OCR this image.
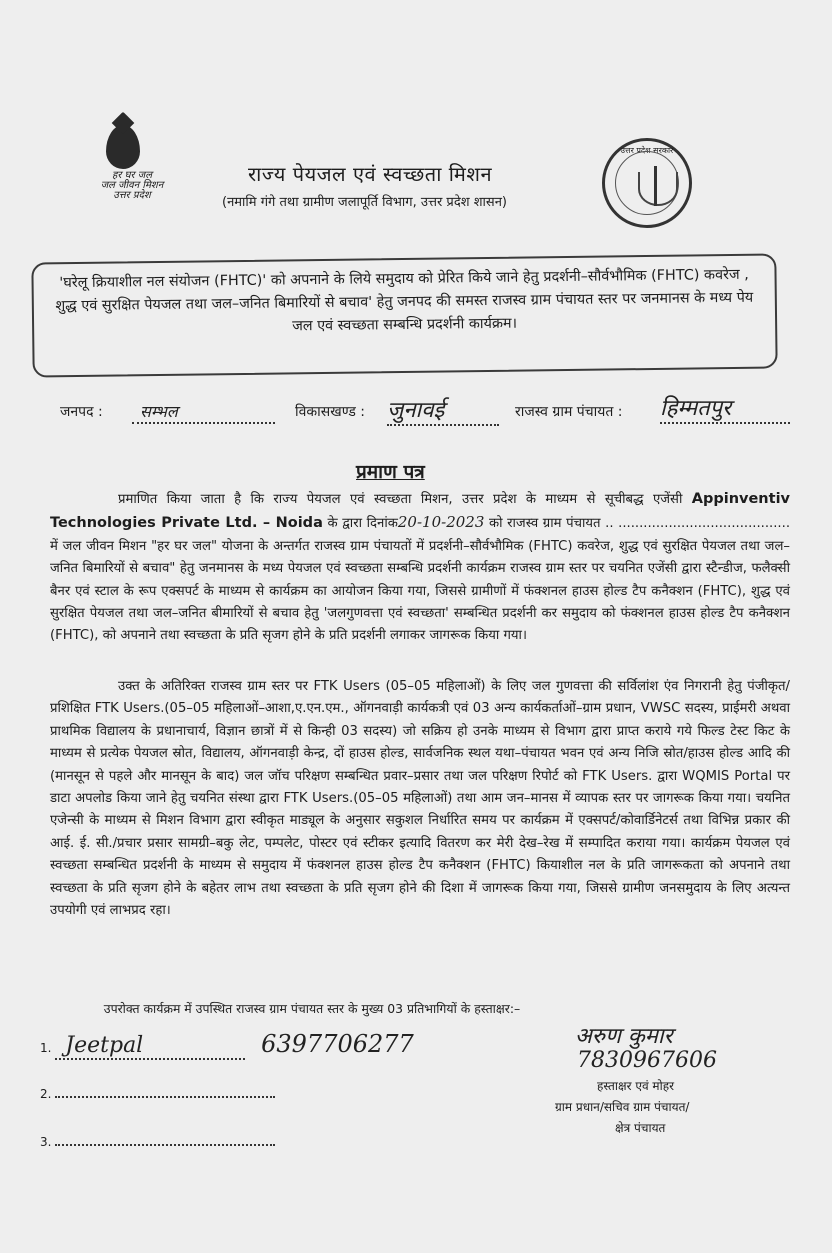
हर घर जल
जल जीवन मिशन
उत्तर प्रदेश
राज्य पेयजल एवं स्वच्छता मिशन
(नमामि गंगे तथा ग्रामीण जलापूर्ति विभाग, उत्तर प्रदेश शासन)
उत्तर प्रदेश सरकार
'घरेलू क्रियाशील नल संयोजन (FHTC)' को अपनाने के लिये समुदाय को प्रेरित किये जाने हेतु प्रदर्शनी–सौर्वभौमिक (FHTC) कवरेज , शुद्ध एवं सुरक्षित पेयजल तथा जल–जनित बिमारियों से बचाव' हेतु जनपद की समस्त राजस्व ग्राम पंचायत स्तर पर जनमानस के मध्य पेय जल एवं स्वच्छता सम्बन्धि प्रदर्शनी कार्यक्रम।
जनपद :	सम्भल	विकासखण्ड : जुनावई	राजस्व ग्राम पंचायत : हिम्मतपुर
प्रमाण पत्र
प्रमाणित किया जाता है कि राज्य पेयजल एवं स्वच्छता मिशन, उत्तर प्रदेश के माध्यम से सूचीबद्ध एजेंसी Appinventiv Technologies Private Ltd. – Noida के द्वारा दिनांक20-10-2023 को राजस्व ग्राम पंचायत .. ......................................... में जल जीवन मिशन "हर घर जल" योजना के अन्तर्गत राजस्व ग्राम पंचायतों में प्रदर्शनी–सौर्वभौमिक (FHTC) कवरेज, शुद्ध एवं सुरक्षित पेयजल तथा जल–जनित बिमारियों से बचाव" हेतु जनमानस के मध्य पेयजल एवं स्वच्छता सम्बन्धि प्रदर्शनी कार्यक्रम राजस्व ग्राम स्तर पर चयनित एजेंसी द्वारा स्टैन्डीज, फलैक्सी बैनर एवं स्टाल के रूप एक्सपर्ट के माध्यम से कार्यक्रम का आयोजन किया गया, जिससे ग्रामीणों में फंक्शनल हाउस होल्ड टैप कनैक्शन (FHTC), शुद्ध एवं सुरक्षित पेयजल तथा जल–जनित बीमारियों से बचाव हेतु 'जलगुणवत्ता एवं स्वच्छता' सम्बन्धित प्रदर्शनी कर समुदाय को फंक्शनल हाउस होल्ड टैप कनैक्शन (FHTC), को अपनाने तथा स्वच्छता के प्रति सृजग होने के प्रति प्रदर्शनी लगाकर जागरूक किया गया।
उक्त के अतिरिक्त राजस्व ग्राम स्तर पर FTK Users (05–05 महिलाओं) के लिए जल गुणवत्ता की सर्विलांश एंव निगरानी हेतु पंजीकृत/प्रशिक्षित FTK Users.(05–05 महिलाओं–आशा,ए.एन.एम., ऑगनवाड़ी कार्यकत्री एवं 03 अन्य कार्यकर्ताओं–ग्राम प्रधान, VWSC सदस्य, प्राईमरी अथवा प्राथमिक विद्यालय के प्रधानाचार्य, विज्ञान छात्रों में से किन्ही 03 सदस्य) जो सक्रिय हो उनके माध्यम से विभाग द्वारा प्राप्त कराये गये फिल्ड टेस्ट किट के माध्यम से प्रत्येक पेयजल स्रोत, विद्यालय, ऑगनवाड़ी केन्द्र, दों हाउस होल्ड, सार्वजनिक स्थल यथा–पंचायत भवन एवं अन्य निजि स्रोत/हाउस होल्ड आदि की (मानसून से पहले और मानसून के बाद) जल जॉच परिक्षण सम्बन्धित प्रवार–प्रसार तथा जल परिक्षण रिपोर्ट को FTK Users. द्वारा WQMIS Portal पर डाटा अपलोड किया जाने हेतु चयनित संस्था द्वारा FTK Users.(05–05 महिलाओं) तथा आम जन–मानस में व्यापक स्तर पर जागरूक किया गया। चयनित एजेन्सी के माध्यम से मिशन विभाग द्वारा स्वीकृत माड्यूल के अनुसार सकुशल निर्धारित समय पर कार्यक्रम में एक्सपर्ट/कोवार्डिनेटर्स तथा विभिन्न प्रकार की आई. ई. सी./प्रचार प्रसार सामग्री–बकु लेट, पम्पलेट, पोस्टर एवं स्टीकर इत्यादि वितरण कर मेरी देख–रेख में सम्पादित कराया गया। कार्यक्रम पेयजल एवं स्वच्छता सम्बन्धित प्रदर्शनी के माध्यम से समुदाय में फंक्शनल हाउस होल्ड टैप कनैक्शन (FHTC) कियाशील नल के प्रति जागरूकता को अपनाने तथा स्वच्छता के प्रति सृजग होने के बहेतर लाभ तथा स्वच्छता के प्रति सृजग होने की दिशा में जागरूक किया गया, जिससे ग्रामीण जनसमुदाय के लिए अत्यन्त उपयोगी एवं लाभप्रद रहा।
उपरोक्त कार्यक्रम में उपस्थित राजस्व ग्राम पंचायत स्तर के मुख्य 03 प्रतिभागियों के हस्ताक्षर:–
1. Jeetpal	6397706277
2.
3.
अरुण कुमार
7830967606
हस्ताक्षर एवं मोहर
ग्राम प्रधान/सचिव ग्राम पंचायत/
क्षेत्र पंचायत
